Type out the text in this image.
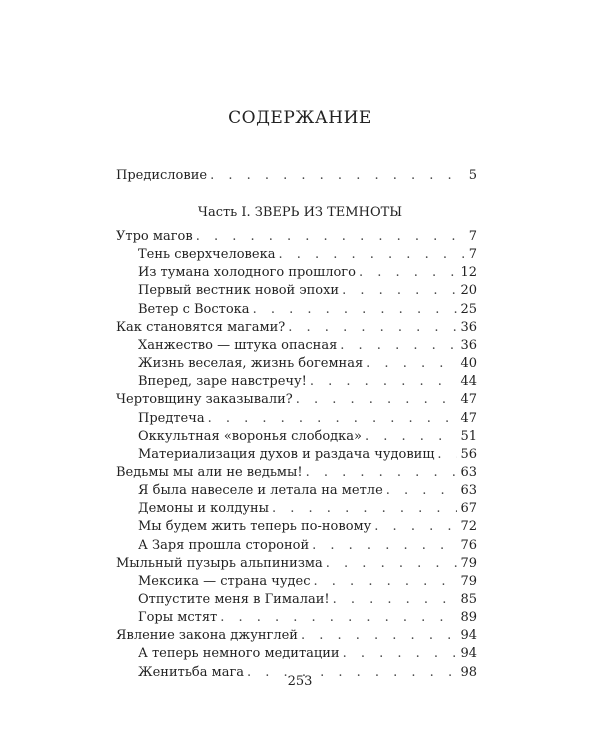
СОДЕРЖАНИЕ
Предисловие . . .	5
Часть I. ЗВЕРЬ ИЗ ТЕМНОТЫ
Утро магов . . .	7
Тень сверхчеловека . . .	7
Из тумана холодного прошлого . . .	12
Первый вестник новой эпохи . . .	20
Ветер с Востока . . .	25
Как становятся магами? . . .	36
Ханжество — штука опасная . . .	36
Жизнь веселая, жизнь богемная . . .	40
Вперед, заре навстречу! . . .	44
Чертовщину заказывали? . . .	47
Предтеча . . .	47
Оккультная «воронья слободка» . . .	51
Материализация духов и раздача чудовищ . . . 56
Ведьмы мы али не ведьмы! . . .	63
Я была навеселе и летала на метле . . .	63
Демоны и колдуны . . .	67
Мы будем жить теперь по-новому . . .	72
А Заря прошла стороной . . .	76
Мыльный пузырь альпинизма . . .	79
Мексика — страна чудес . . .	79
Отпустите меня в Гималаи! . . .	85
Горы мстят . . .	89
Явление закона джунглей . . .	94
А теперь немного медитации . . .	94
Женитьба мага . . .	98
253
